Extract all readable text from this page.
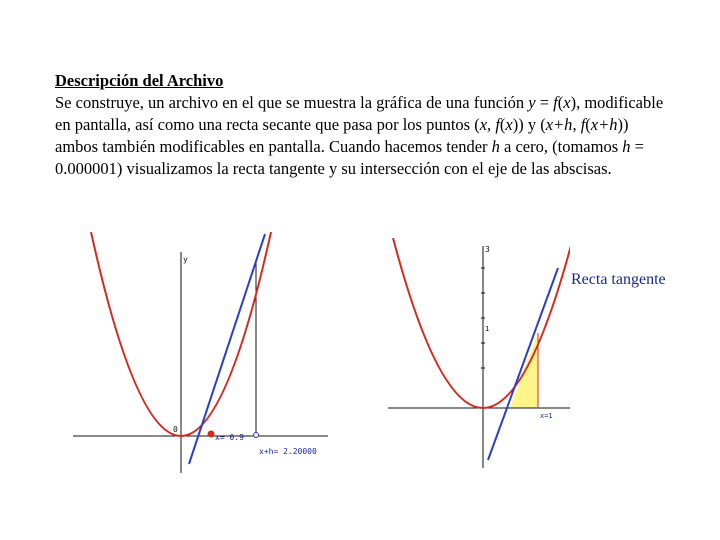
Descripción del Archivo
Se construye, un archivo en el que se muestra la gráfica de una función y = f(x), modificable en pantalla, así como una recta secante que pasa por los puntos (x, f(x)) y (x+h, f(x+h)) ambos también modificables en pantalla. Cuando hacemos tender h a cero, (tomamos h = 0.000001) visualizamos la recta tangente y su intersección con el eje de las abscisas.
y
0
x= 0.9
x+h= 2.20000
3
1
x=1
Recta tangente
